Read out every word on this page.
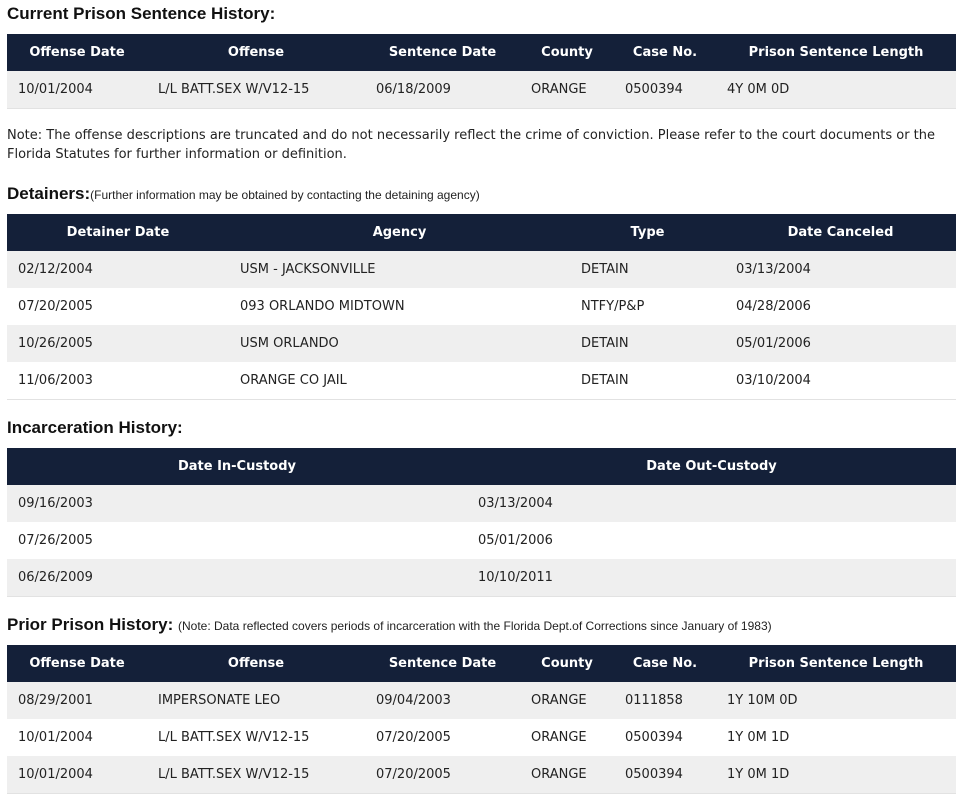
Current Prison Sentence History:
Offense Date	Offense	Sentence Date	County	Case No.	Prison Sentence Length
10/01/2004	L/L BATT.SEX W/V12-15	06/18/2009	ORANGE	0500394	4Y 0M 0D
Note: The offense descriptions are truncated and do not necessarily reflect the crime of conviction. Please refer to the court documents or the Florida Statutes for further information or definition.
Detainers:(Further information may be obtained by contacting the detaining agency)
Detainer Date	Agency	Type	Date Canceled
02/12/2004	USM - JACKSONVILLE	DETAIN	03/13/2004
07/20/2005	093 ORLANDO MIDTOWN	NTFY/P&P	04/28/2006
10/26/2005	USM ORLANDO	DETAIN	05/01/2006
11/06/2003	ORANGE CO JAIL	DETAIN	03/10/2004
Incarceration History:
Date In-Custody	Date Out-Custody
09/16/2003	03/13/2004
07/26/2005	05/01/2006
06/26/2009	10/10/2011
Prior Prison History: (Note: Data reflected covers periods of incarceration with the Florida Dept.of Corrections since January of 1983)
Offense Date	Offense	Sentence Date	County	Case No.	Prison Sentence Length
08/29/2001	IMPERSONATE LEO	09/04/2003	ORANGE	0111858	1Y 10M 0D
10/01/2004	L/L BATT.SEX W/V12-15	07/20/2005	ORANGE	0500394	1Y 0M 1D
10/01/2004	L/L BATT.SEX W/V12-15	07/20/2005	ORANGE	0500394	1Y 0M 1D
